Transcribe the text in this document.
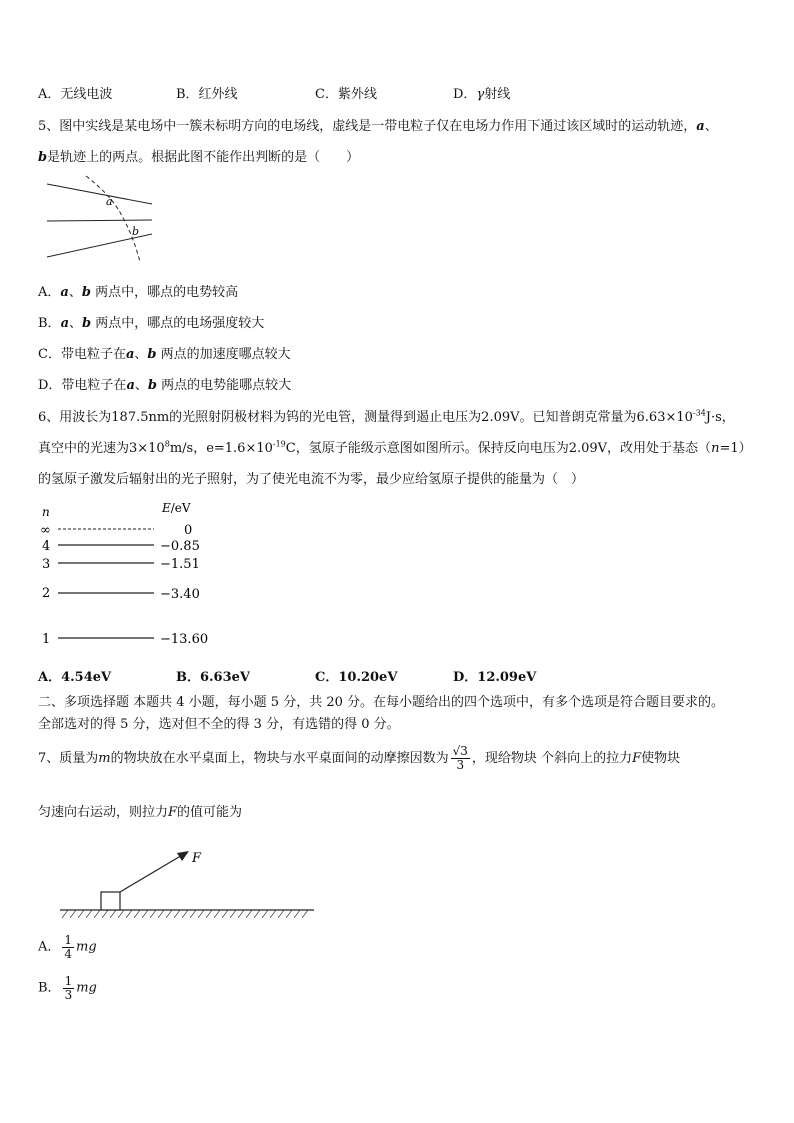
A．无线电波	B．红外线	C．紫外线	D．γ射线
5、图中实线是某电场中一簇未标明方向的电场线，虚线是一带电粒子仅在电场力作用下通过该区域时的运动轨迹，a、
b是轨迹上的两点。根据此图不能作出判断的是（　　）
a
b
A．a、b 两点中，哪点的电势较高
B．a、b 两点中，哪点的电场强度较大
C．带电粒子在a、b 两点的加速度哪点较大
D．带电粒子在a、b 两点的电势能哪点较大
6、用波长为187.5nm的光照射阴极材料为钨的光电管，测量得到遏止电压为2.09V。已知普朗克常量为$6.63\times 10^{-34}J\cdot s$，
真空中的光速为$3\times 10^8m/s$，$e=1.6\times 10^{-19}C$，氢原子能级示意图如图所示。保持反向电压为2.09V，改用处于基态（n=1）
的氢原子激发后辐射出的光子照射，为了使光电流不为零，最少应给氢原子提供的能量为（　）
n	E/eV
∞	0
4	−0.85
3	−1.51
2	−3.40
1	−13.60
A．4.54eV	B．6.63eV	C．10.20eV	D．12.09eV
二、多项选择题 本题共 4 小题，每小题 5 分，共 20 分。在每小题给出的四个选项中，有多个选项是符合题目要求的。
全部选对的得 5 分，选对但不全的得 3 分，有选错的得 0 分。
7、质量为m的物块放在水平桌面上，物块与水平桌面间的动摩擦因数为 $\frac{√3}{3}$ ，现给物块 个斜向上的拉力F使物块
匀速向右运动，则拉力F的值可能为
F
A． $\frac{1}{4}$ mg
B． $\frac{1}{3}$ mg
